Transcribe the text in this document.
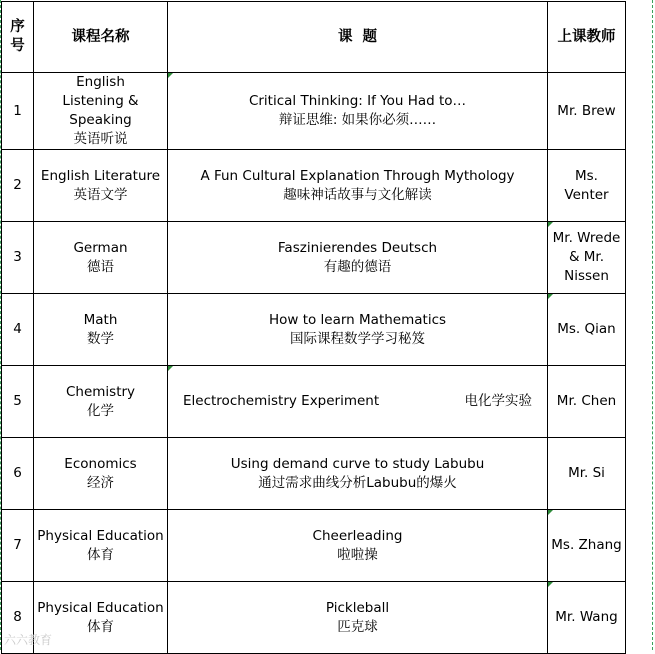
序号	课程名称	课  题	上课教师
1	English
Listening & Speaking
英语听说	Critical Thinking: If You Had to…
辩证思维: 如果你必须……	Mr. Brew
2	English Literature
英语文学	A Fun Cultural Explanation Through Mythology
趣味神话故事与文化解读	Ms. Venter
3	German
德语	Faszinierendes Deutsch
有趣的德语	Mr. Wrede
& Mr.
Nissen

4	Math
数学	How to learn Mathematics
国际课程数学学习秘笈	Ms. Qian
5	Chemistry
化学	Electrochemistry Experiment 电化学实验	Mr. Chen
6	Economics
经济	Using demand curve to study Labubu
通过需求曲线分析Labubu的爆火	Mr. Si
7	Physical Education
体育	Cheerleading
啦啦操	Ms. Zhang
8	Physical Education
体育	Pickleball
匹克球	Mr. Wang
六六教育
